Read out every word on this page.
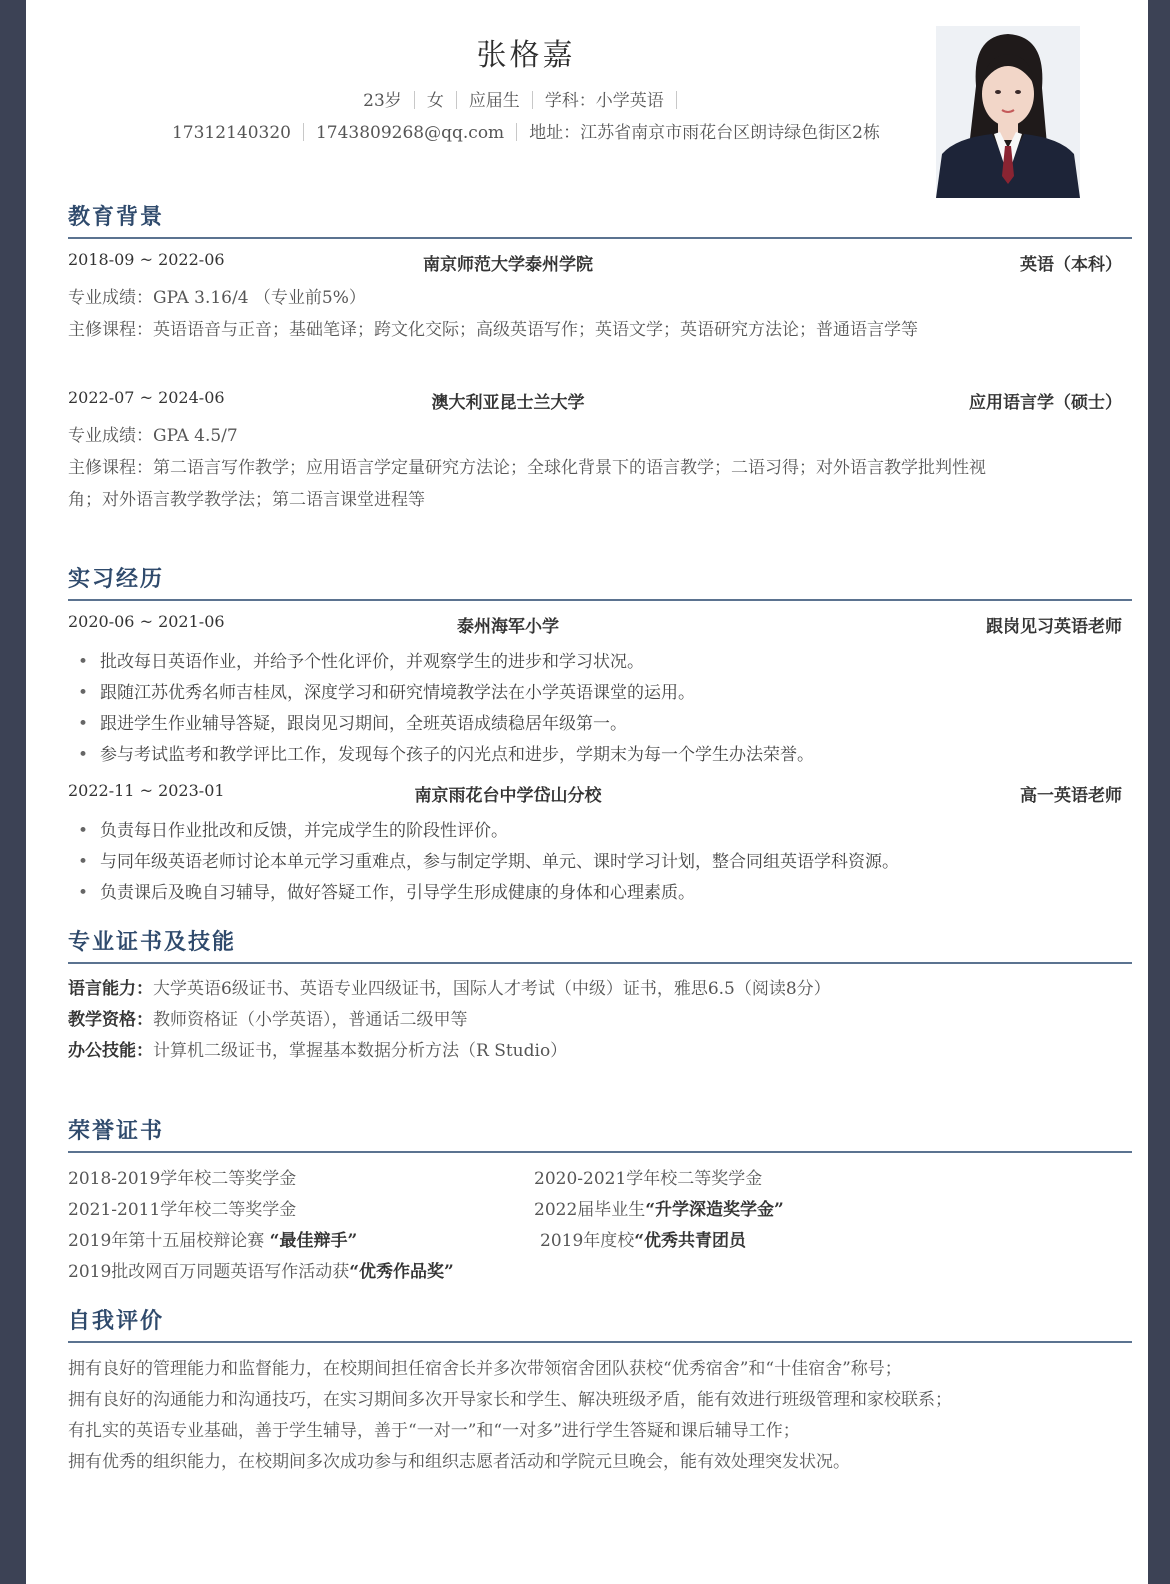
张格嘉
23岁 女 应届生 学科：小学英语
17312140320 1743809268@qq.com 地址：江苏省南京市雨花台区朗诗绿色街区2栋
教育背景
2018-09 ~ 2022-06	南京师范大学泰州学院	英语（本科）
专业成绩：GPA 3.16/4 （专业前5%）
主修课程：英语语音与正音；基础笔译；跨文化交际；高级英语写作；英语文学；英语研究方法论；普通语言学等
2022-07 ~ 2024-06	澳大利亚昆士兰大学	应用语言学（硕士）
专业成绩：GPA 4.5/7
主修课程：第二语言写作教学；应用语言学定量研究方法论；全球化背景下的语言教学；二语习得；对外语言教学批判性视
角；对外语言教学教学法；第二语言课堂进程等
实习经历
2020-06 ~ 2021-06	泰州海军小学	跟岗见习英语老师
• 批改每日英语作业，并给予个性化评价，并观察学生的进步和学习状况。
• 跟随江苏优秀名师吉桂凤，深度学习和研究情境教学法在小学英语课堂的运用。
• 跟进学生作业辅导答疑，跟岗见习期间，全班英语成绩稳居年级第一。
• 参与考试监考和教学评比工作，发现每个孩子的闪光点和进步，学期末为每一个学生办法荣誉。
2022-11 ~ 2023-01	南京雨花台中学岱山分校	高一英语老师
• 负责每日作业批改和反馈，并完成学生的阶段性评价。
• 与同年级英语老师讨论本单元学习重难点，参与制定学期、单元、课时学习计划，整合同组英语学科资源。
• 负责课后及晚自习辅导，做好答疑工作，引导学生形成健康的身体和心理素质。
专业证书及技能
语言能力：大学英语6级证书、英语专业四级证书，国际人才考试（中级）证书，雅思6.5（阅读8分）
教学资格：教师资格证（小学英语），普通话二级甲等
办公技能：计算机二级证书，掌握基本数据分析方法（R Studio）
荣誉证书
2018-2019学年校二等奖学金	2020-2021学年校二等奖学金
2021-2011学年校二等奖学金	2022届毕业生“升学深造奖学金”
2019年第十五届校辩论赛 “最佳辩手”	2019年度校“优秀共青团员
2019批改网百万同题英语写作活动获“优秀作品奖”
自我评价
拥有良好的管理能力和监督能力，在校期间担任宿舍长并多次带领宿舍团队获校“优秀宿舍”和“十佳宿舍”称号；
拥有良好的沟通能力和沟通技巧，在实习期间多次开导家长和学生、解决班级矛盾，能有效进行班级管理和家校联系；
有扎实的英语专业基础，善于学生辅导，善于“一对一”和“一对多”进行学生答疑和课后辅导工作；
拥有优秀的组织能力，在校期间多次成功参与和组织志愿者活动和学院元旦晚会，能有效处理突发状况。
